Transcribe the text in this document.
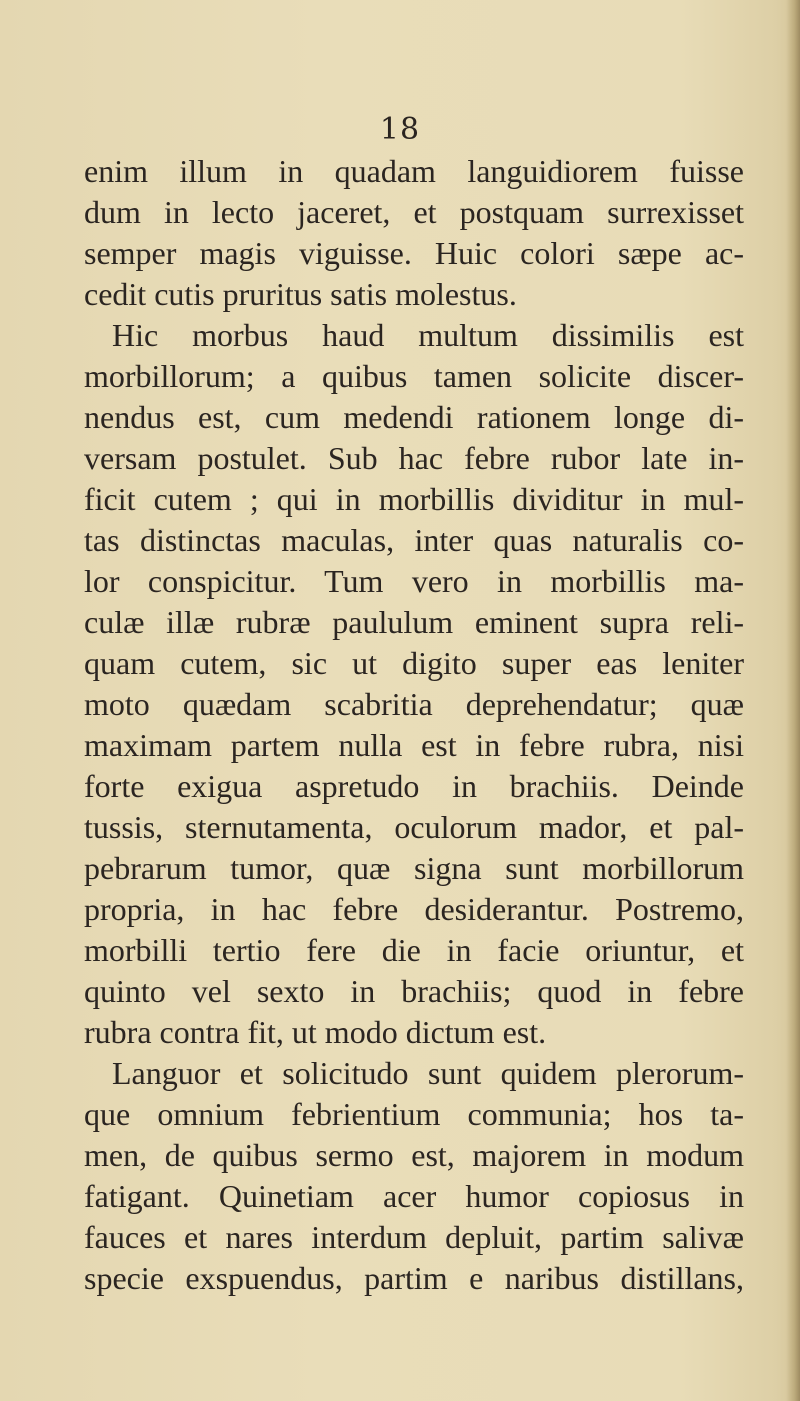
18
enim illum in quadam languidiorem fuisse
dum in lecto jaceret, et postquam surrexisset
semper magis viguisse. Huic colori sæpe ac-
cedit cutis pruritus satis molestus.
Hic morbus haud multum dissimilis est
morbillorum; a quibus tamen solicite discer-
nendus est, cum medendi rationem longe di-
versam postulet. Sub hac febre rubor late in-
ficit cutem ; qui in morbillis dividitur in mul-
tas distinctas maculas, inter quas naturalis co-
lor conspicitur. Tum vero in morbillis ma-
culæ illæ rubræ paululum eminent supra reli-
quam cutem, sic ut digito super eas leniter
moto quædam scabritia deprehendatur; quæ
maximam partem nulla est in febre rubra, nisi
forte exigua aspretudo in brachiis. Deinde
tussis, sternutamenta, oculorum mador, et pal-
pebrarum tumor, quæ signa sunt morbillorum
propria, in hac febre desiderantur. Postremo,
morbilli tertio fere die in facie oriuntur, et
quinto vel sexto in brachiis; quod in febre
rubra contra fit, ut modo dictum est.
Languor et solicitudo sunt quidem plerorum-
que omnium febrientium communia; hos ta-
men, de quibus sermo est, majorem in modum
fatigant. Quinetiam acer humor copiosus in
fauces et nares interdum depluit, partim salivæ
specie exspuendus, partim e naribus distillans,
